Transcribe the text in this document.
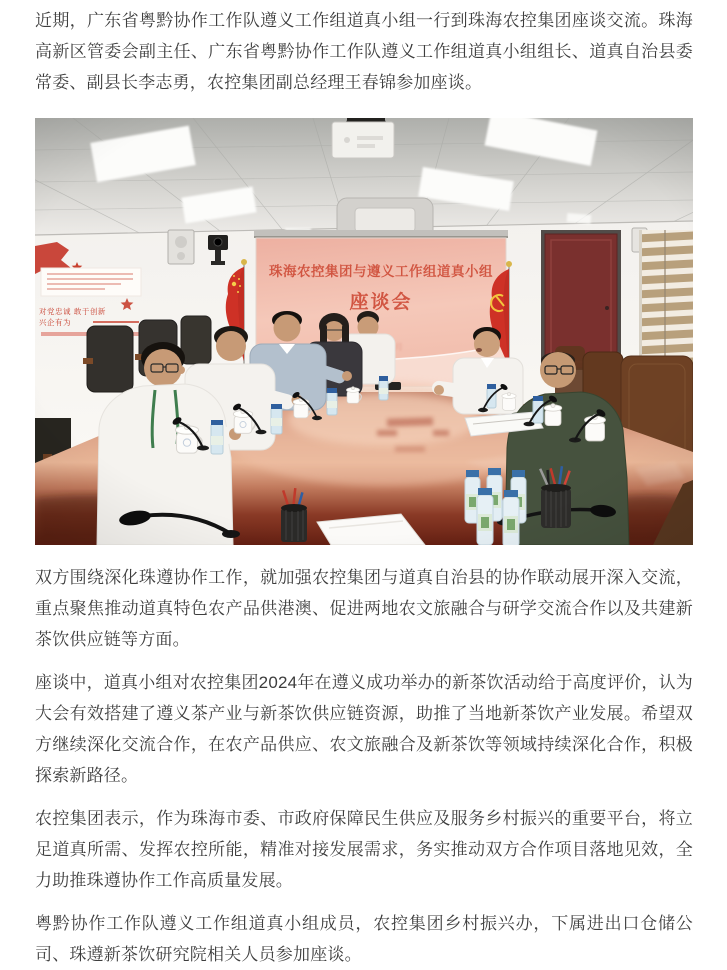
近期，广东省粤黔协作工作队遵义工作组道真小组一行到珠海农控集团座谈交流。珠海高新区管委会副主任、广东省粤黔协作工作队遵义工作组道真小组组长、道真自治县委常委、副县长李志勇，农控集团副总经理王春锦参加座谈。

双方围绕深化珠遵协作工作，就加强农控集团与道真自治县的协作联动展开深入交流，重点聚焦推动道真特色农产品供港澳、促进两地农文旅融合与研学交流合作以及共建新茶饮供应链等方面。

座谈中，道真小组对农控集团2024年在遵义成功举办的新茶饮活动给于高度评价，认为大会有效搭建了遵义茶产业与新茶饮供应链资源，助推了当地新茶饮产业发展。希望双方继续深化交流合作，在农产品供应、农文旅融合及新茶饮等领域持续深化合作，积极探索新路径。

农控集团表示，作为珠海市委、市政府保障民生供应及服务乡村振兴的重要平台，将立足道真所需、发挥农控所能，精准对接发展需求，务实推动双方合作项目落地见效，全力助推珠遵协作工作高质量发展。

粤黔协作工作队遵义工作组道真小组成员，农控集团乡村振兴办，下属进出口仓储公司、珠遵新茶饮研究院相关人员参加座谈。
